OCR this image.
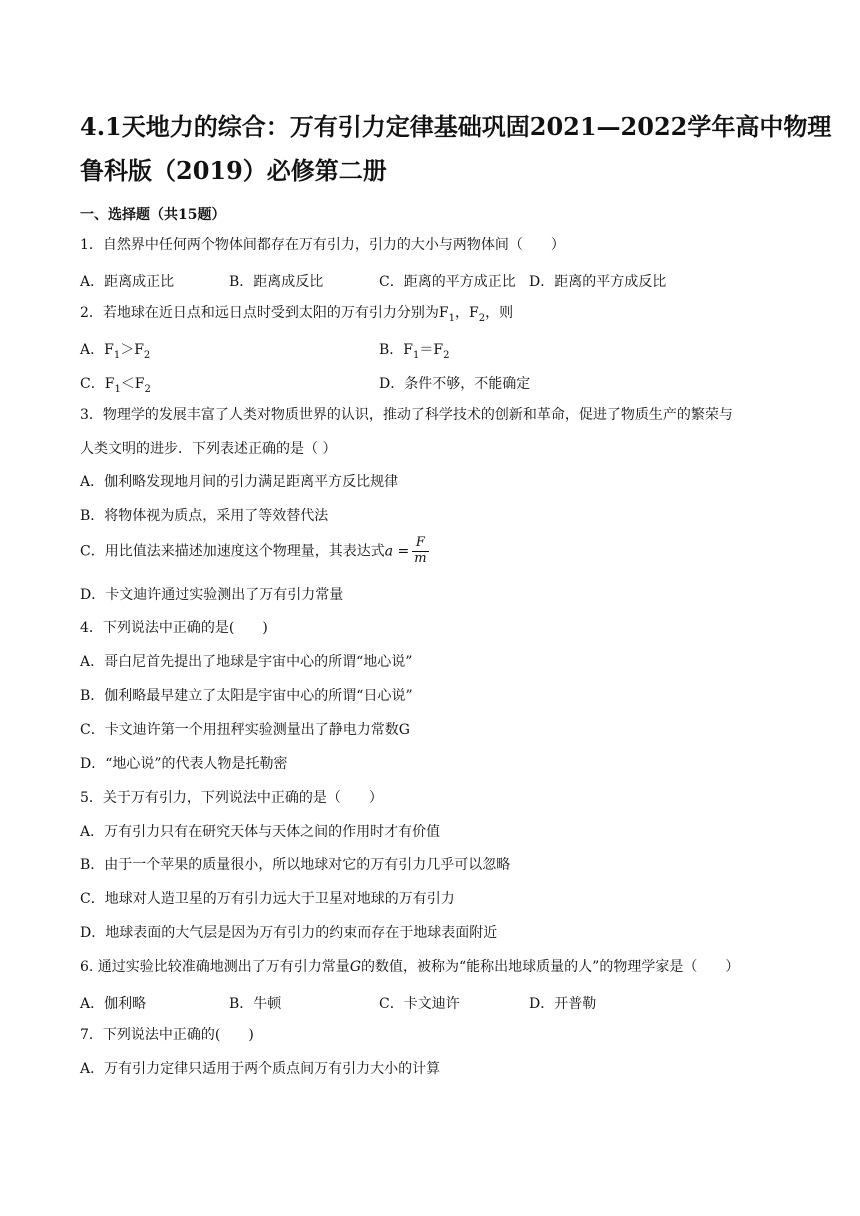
4.1天地力的综合：万有引力定律基础巩固2021—2022学年高中物理
鲁科版（2019）必修第二册
一、选择题（共15题）
1．自然界中任何两个物体间都存在万有引力，引力的大小与两物体间（　　）
A．距离成正比	B．距离成反比	C．距离的平方成正比 D．距离的平方成反比
2．若地球在近日点和远日点时受到太阳的万有引力分别为$F_1$，$F_2$，则
A．$F_1>F_2$	B．$F_1=F_2$
C．$F_1<F_2$	D．条件不够，不能确定
3．物理学的发展丰富了人类对物质世界的认识，推动了科学技术的创新和革命，促进了物质生产的繁荣与
人类文明的进步．下列表述正确的是（ ）
A．伽利略发现地月间的引力满足距离平方反比规律
B．将物体视为质点，采用了等效替代法
C．用比值法来描述加速度这个物理量，其表达式$a = \frac{F}{m}$
D．卡文迪许通过实验测出了万有引力常量
4．下列说法中正确的是(　　)
A．哥白尼首先提出了地球是宇宙中心的所谓“地心说”
B．伽利略最早建立了太阳是宇宙中心的所谓“日心说”
C．卡文迪许第一个用扭秤实验测量出了静电力常数G
D．“地心说”的代表人物是托勒密
5．关于万有引力，下列说法中正确的是（　　）
A．万有引力只有在研究天体与天体之间的作用时才有价值
B．由于一个苹果的质量很小，所以地球对它的万有引力几乎可以忽略
C．地球对人造卫星的万有引力远大于卫星对地球的万有引力
D．地球表面的大气层是因为万有引力的约束而存在于地球表面附近
6. 通过实验比较准确地测出了万有引力常量G的数值，被称为“能称出地球质量的人”的物理学家是（　　）
A．伽利略	B．牛顿	C．卡文迪许	D．开普勒
7．下列说法中正确的(　　)
A．万有引力定律只适用于两个质点间万有引力大小的计算
